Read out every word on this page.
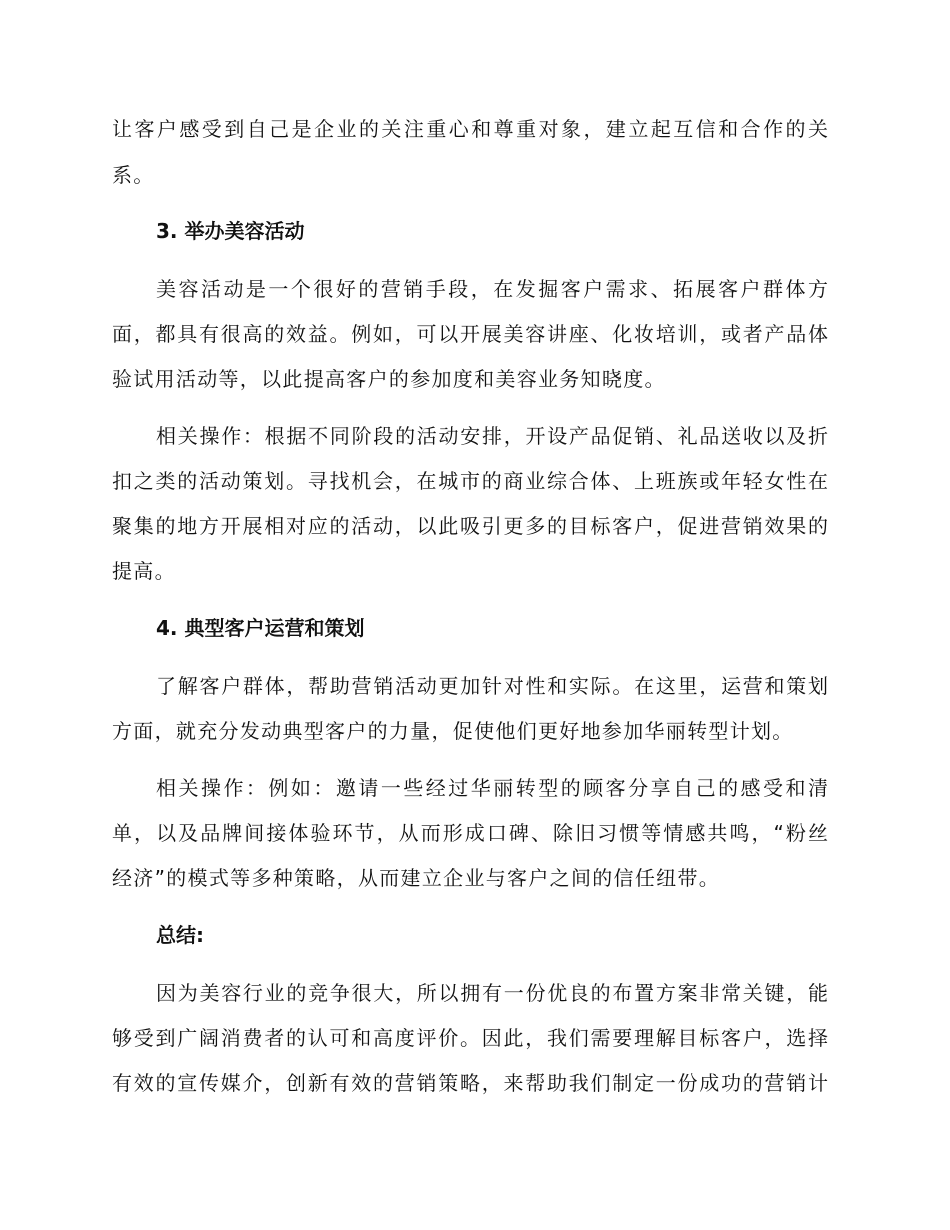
让客户感受到自己是企业的关注重心和尊重对象，建立起互信和合作的关
系。
3. 举办美容活动
美容活动是一个很好的营销手段，在发掘客户需求、拓展客户群体方
面，都具有很高的效益。例如，可以开展美容讲座、化妆培训，或者产品体
验试用活动等，以此提高客户的参加度和美容业务知晓度。
相关操作：根据不同阶段的活动安排，开设产品促销、礼品送收以及折
扣之类的活动策划。寻找机会，在城市的商业综合体、上班族或年轻女性在
聚集的地方开展相对应的活动，以此吸引更多的目标客户，促进营销效果的
提高。
4. 典型客户运营和策划
了解客户群体，帮助营销活动更加针对性和实际。在这里，运营和策划
方面，就充分发动典型客户的力量，促使他们更好地参加华丽转型计划。
相关操作：例如：邀请一些经过华丽转型的顾客分享自己的感受和清
单，以及品牌间接体验环节，从而形成口碑、除旧习惯等情感共鸣，“粉丝
经济”的模式等多种策略，从而建立企业与客户之间的信任纽带。
总结:
因为美容行业的竞争很大，所以拥有一份优良的布置方案非常关键，能
够受到广阔消费者的认可和高度评价。因此，我们需要理解目标客户，选择
有效的宣传媒介，创新有效的营销策略，来帮助我们制定一份成功的营销计
